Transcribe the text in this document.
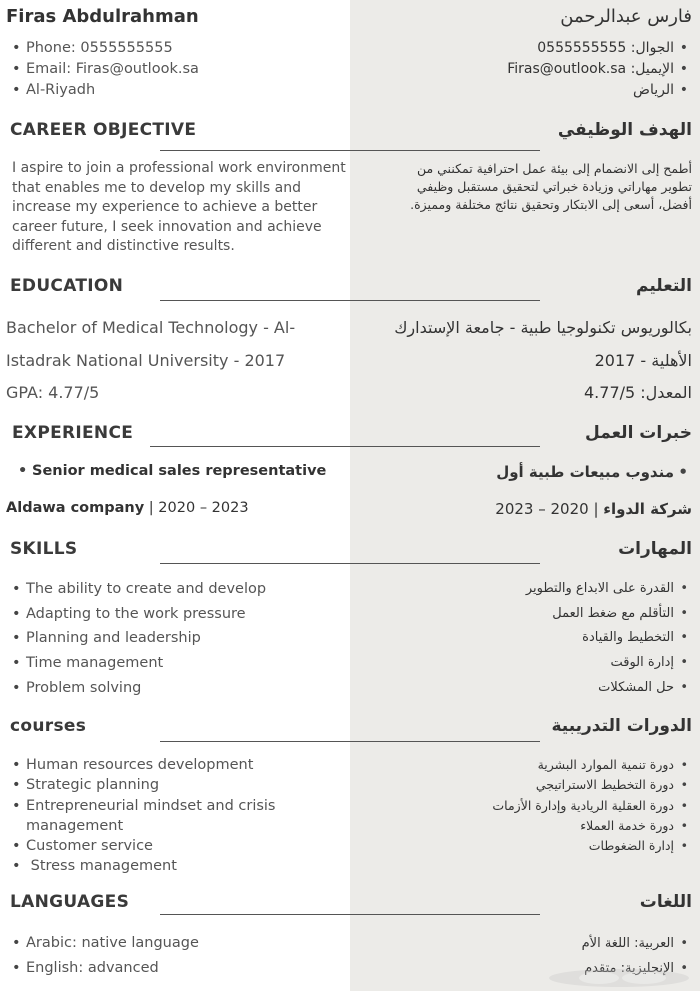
Firas Abdulrahman	فارس عبدالرحمن
• Phone: 0555555555
• Email: Firas@outlook.sa
• Al-Riyadh
• الجوال: 0555555555
• الإيميل: Firas@outlook.sa
• الرياض
CAREER OBJECTIVE	الهدف الوظيفي
I aspire to join a professional work environment that enables me to develop my skills and increase my experience to achieve a better career future, I seek innovation and achieve different and distinctive results.
أطمح إلى الانضمام إلى بيئة عمل احترافية تمكنني من تطوير مهاراتي وزيادة خبراتي لتحقيق مستقبل وظيفي أفضل، أسعى إلى الابتكار وتحقيق نتائج مختلفة ومميزة.
EDUCATION	التعليم
Bachelor of Medical Technology - Al-Istadrak National University - 2017
GPA: 4.77/5
بكالوريوس تكنولوجيا طبية - جامعة الإستدارك الأهلية - 2017
المعدل: 4.77/5
EXPERIENCE	خبرات العمل
• Senior medical sales representative
•	مندوب مبيعات طبية أول
Aldawa company | 2020 – 2023	شركة الدواء | 2020 – 2023
SKILLS	المهارات
• The ability to create and develop
• Adapting to the work pressure
• Planning and leadership
• Time management
• Problem solving
• القدرة على الابداع والتطوير
• التأقلم مع ضغط العمل
• التخطيط والقيادة
• إدارة الوقت
• حل المشكلات
courses	الدورات التدريبية
• Human resources development
• Strategic planning
• Entrepreneurial mindset and crisis management
• Customer service
•  Stress management
• دورة تنمية الموارد البشرية
• دورة التخطيط الاستراتيجي
• دورة العقلية الريادية وإدارة الأزمات
• دورة خدمة العملاء
• إدارة الضغوطات
LANGUAGES	اللغات
• Arabic: native language
• English: advanced
• العربية: اللغة الأم
• الإنجليزية: متقدم
